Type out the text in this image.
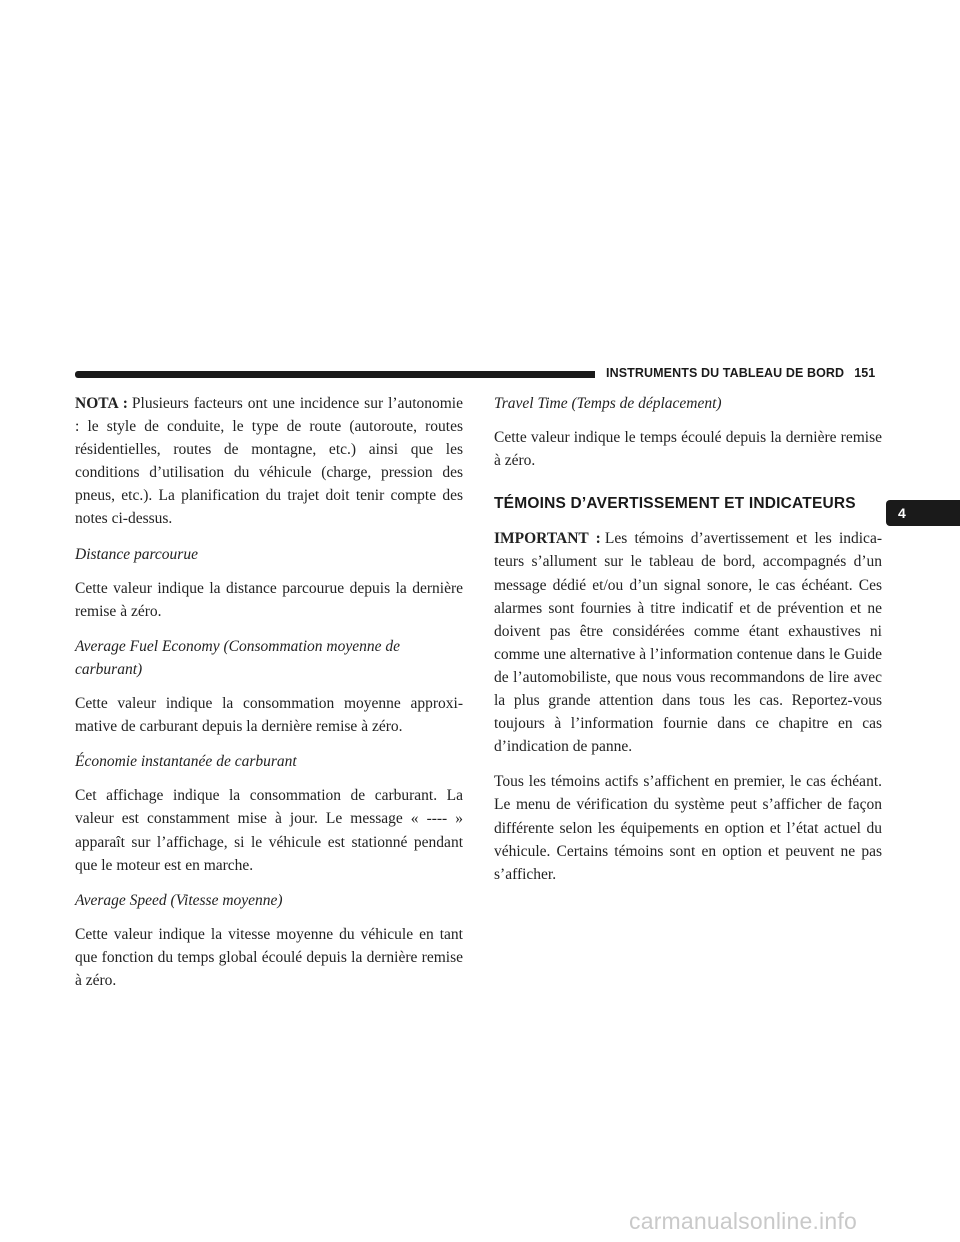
INSTRUMENTS DU TABLEAU DE BORD 151
4

NOTA : Plusieurs facteurs ont une incidence sur l’autonomie : le style de conduite, le type de route (autoroute, routes résidentielles, routes de montagne, etc.) ainsi que les conditions d’utilisation du véhicule (charge, pression des pneus, etc.). La planification du trajet doit tenir compte des notes ci-dessus.

Distance parcourue

Cette valeur indique la distance parcourue depuis la dernière remise à zéro.

Average Fuel Economy (Consommation moyenne de carburant)

Cette valeur indique la consommation moyenne approximative de carburant depuis la dernière remise à zéro.

Économie instantanée de carburant

Cet affichage indique la consommation de carburant. La valeur est constamment mise à jour. Le message « ---- » apparaît sur l’affichage, si le véhicule est stationné pendant que le moteur est en marche.

Average Speed (Vitesse moyenne)

Cette valeur indique la vitesse moyenne du véhicule en tant que fonction du temps global écoulé depuis la dernière remise à zéro.

Travel Time (Temps de déplacement)

Cette valeur indique le temps écoulé depuis la dernière remise à zéro.

TÉMOINS D’AVERTISSEMENT ET INDICATEURS

IMPORTANT : Les témoins d’avertissement et les indicateurs s’allument sur le tableau de bord, accompagnés d’un message dédié et/ou d’un signal sonore, le cas échéant. Ces alarmes sont fournies à titre indicatif et de prévention et ne doivent pas être considérées comme étant exhaustives ni comme une alternative à l’information contenue dans le Guide de l’automobiliste, que nous vous recommandons de lire avec la plus grande attention dans tous les cas. Reportez-vous toujours à l’information fournie dans ce chapitre en cas d’indication de panne.

Tous les témoins actifs s’affichent en premier, le cas échéant. Le menu de vérification du système peut s’afficher de façon différente selon les équipements en option et l’état actuel du véhicule. Certains témoins sont en option et peuvent ne pas s’afficher.

carmanualsonline.info
